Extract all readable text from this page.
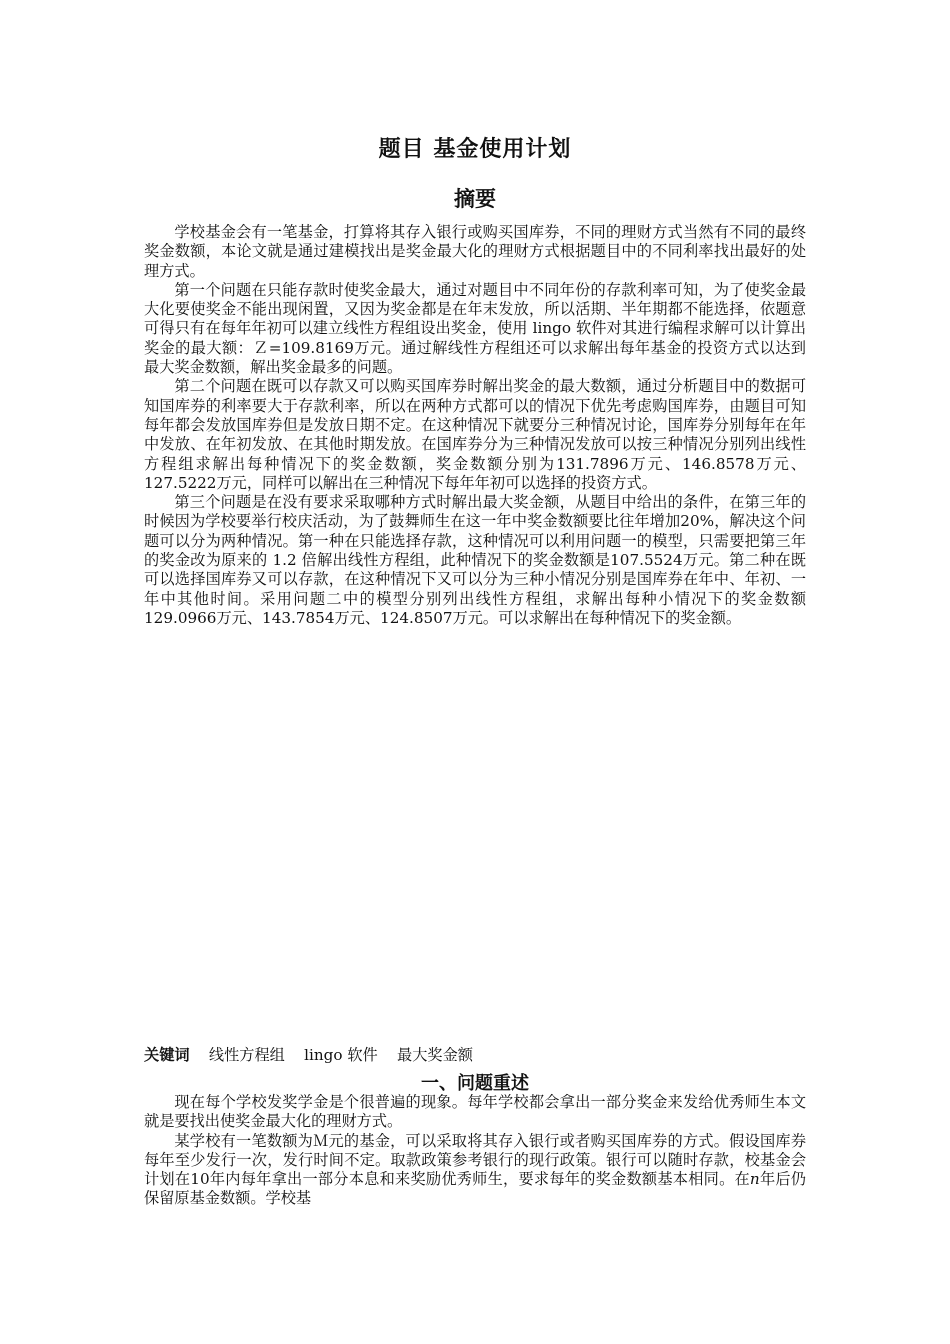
题目 基金使用计划
摘要

学校基金会有一笔基金，打算将其存入银行或购买国库券，不同的理财方式当然有不同的最终奖金数额，本论文就是通过建模找出是奖金最大化的理财方式根据题目中的不同利率找出最好的处理方式。

第一个问题在只能存款时使奖金最大，通过对题目中不同年份的存款利率可知，为了使奖金最大化要使奖金不能出现闲置，又因为奖金都是在年末发放，所以活期、半年期都不能选择，依题意可得只有在每年年初可以建立线性方程组设出奖金，使用 lingo 软件对其进行编程求解可以计算出奖金的最大额：Ｚ=109.8169万元。通过解线性方程组还可以求解出每年基金的投资方式以达到最大奖金数额，解出奖金最多的问题。

第二个问题在既可以存款又可以购买国库券时解出奖金的最大数额，通过分析题目中的数据可知国库券的利率要大于存款利率，所以在两种方式都可以的情况下优先考虑购国库券，由题目可知每年都会发放国库券但是发放日期不定。在这种情况下就要分三种情况讨论，国库券分别每年在年中发放、在年初发放、在其他时期发放。在国库券分为三种情况发放可以按三种情况分别列出线性方程组求解出每种情况下的奖金数额，奖金数额分别为131.7896万元、146.8578万元、127.5222万元，同样可以解出在三种情况下每年年初可以选择的投资方式。

第三个问题是在没有要求采取哪种方式时解出最大奖金额，从题目中给出的条件，在第三年的时候因为学校要举行校庆活动，为了鼓舞师生在这一年中奖金数额要比往年增加20%，解决这个问题可以分为两种情况。第一种在只能选择存款，这种情况可以利用问题一的模型，只需要把第三年的奖金改为原来的 1.2 倍解出线性方程组，此种情况下的奖金数额是107.5524万元。第二种在既可以选择国库券又可以存款，在这种情况下又可以分为三种小情况分别是国库券在年中、年初、一年中其他时间。采用问题二中的模型分别列出线性方程组，求解出每种小情况下的奖金数额129.0966万元、143.7854万元、124.8507万元。可以求解出在每种情况下的奖金额。

关键词 线性方程组 lingo 软件 最大奖金额
一、问题重述

现在每个学校发奖学金是个很普遍的现象。每年学校都会拿出一部分奖金来发给优秀师生本文就是要找出使奖金最大化的理财方式。

某学校有一笔数额为Ｍ元的基金，可以采取将其存入银行或者购买国库券的方式。假设国库券每年至少发行一次，发行时间不定。取款政策参考银行的现行政策。银行可以随时存款，校基金会计划在10年内每年拿出一部分本息和来奖励优秀师生，要求每年的奖金数额基本相同。在𝑛年后仍保留原基金数额。学校基
